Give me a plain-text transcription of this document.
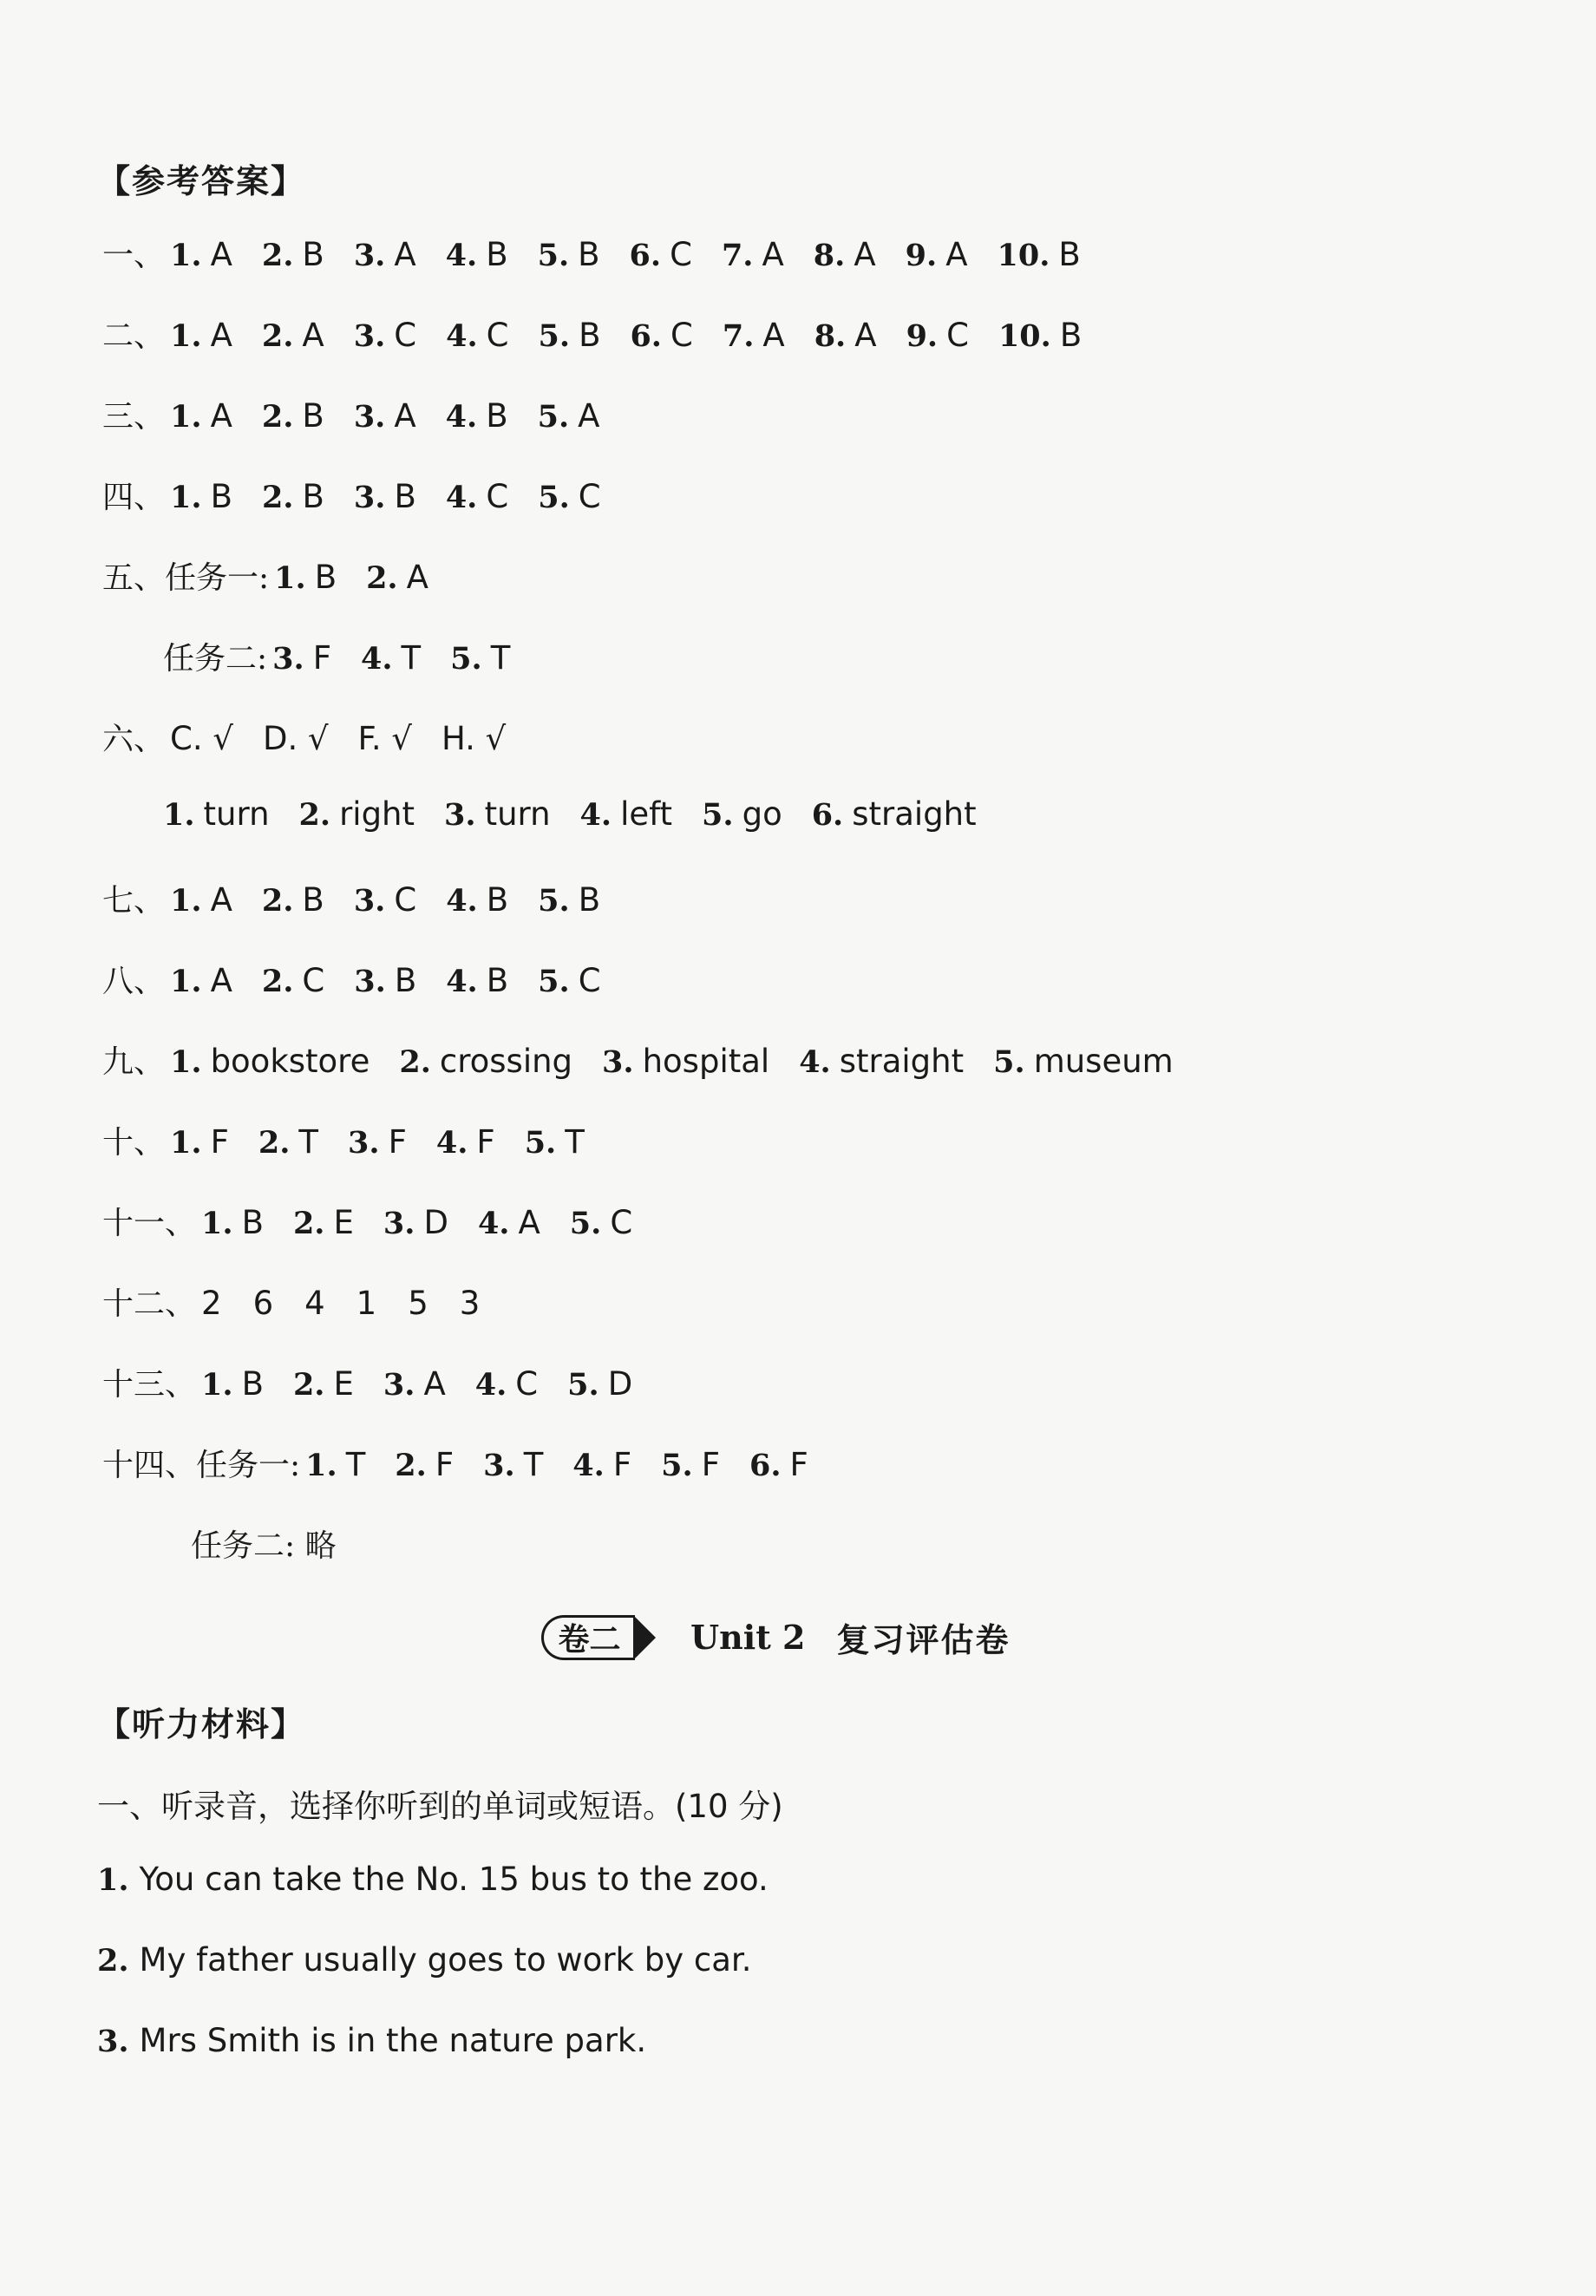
【参考答案】
一、 1. A 2. B 3. A 4. B 5. B 6. C 7. A 8. A 9. A 10. B
二、 1. A 2. A 3. C 4. C 5. B 6. C 7. A 8. A 9. C 10. B
三、 1. A 2. B 3. A 4. B 5. A
四、 1. B 2. B 3. B 4. C 5. C
五、任务一: 1. B 2. A
任务二: 3. F 4. T 5. T
六、 C. √ D. √ F. √ H. √
1. turn 2. right 3. turn 4. left 5. go 6. straight
七、 1. A 2. B 3. C 4. B 5. B
八、 1. A 2. C 3. B 4. B 5. C
九、 1. bookstore 2. crossing 3. hospital 4. straight 5. museum
十、 1. F 2. T 3. F 4. F 5. T
十一、 1. B 2. E 3. D 4. A 5. C
十二、 2 6 4 1 5 3
十三、 1. B 2. E 3. A 4. C 5. D
十四、任务一: 1. T 2. F 3. T 4. F 5. F 6. F
任务二: 略
卷二	Unit 2 复习评估卷
【听力材料】
一、听录音，选择你听到的单词或短语。(10 分)
1. You can take the No. 15 bus to the zoo.
2. My father usually goes to work by car.
3. Mrs Smith is in the nature park.
